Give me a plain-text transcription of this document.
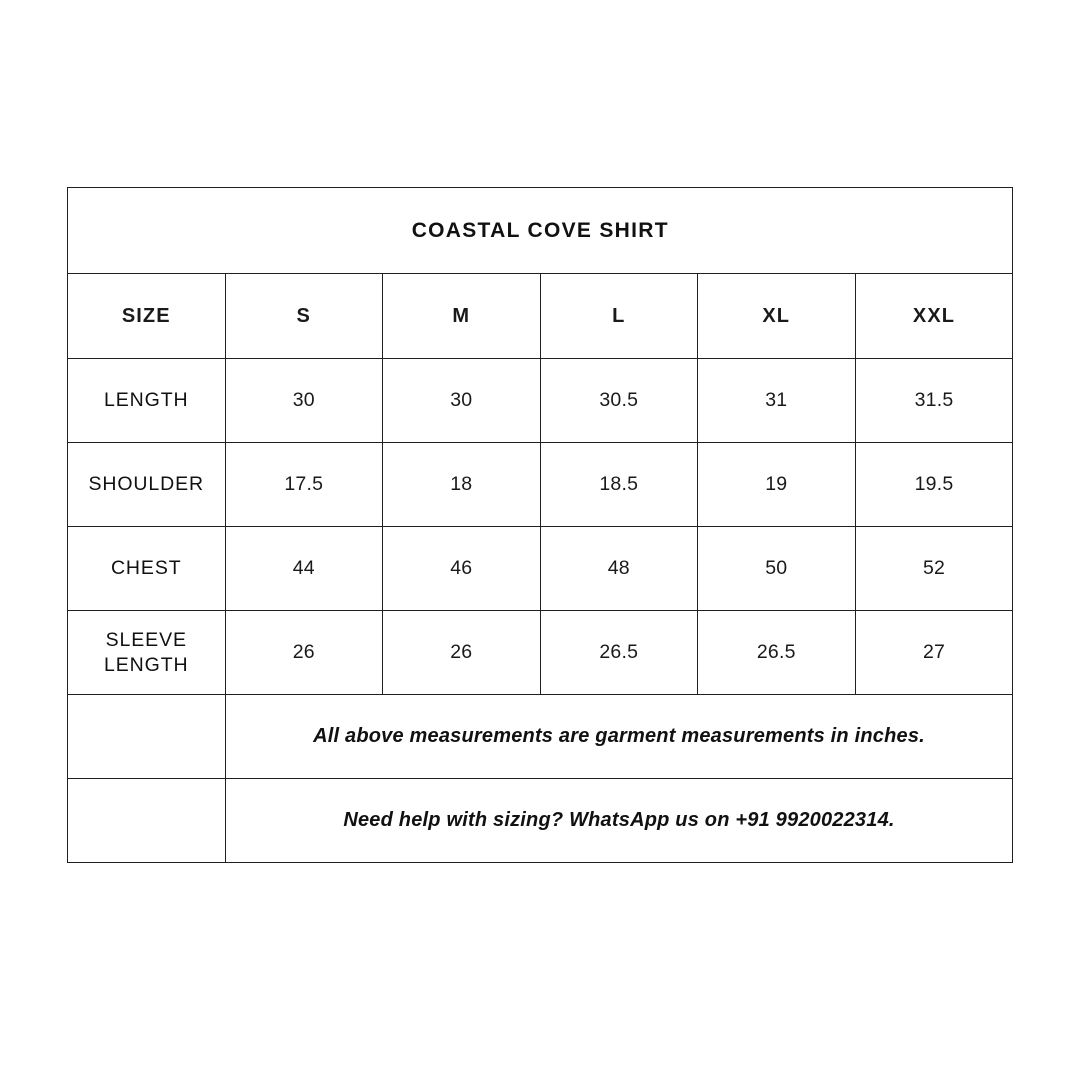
COASTAL COVE SHIRT					
SIZE	S	M	L	XL	XXL
LENGTH	30	30	30.5	31	31.5
SHOULDER	17.5	18	18.5	19	19.5
CHEST	44	46	48	50	52
SLEEVE LENGTH	26	26	26.5	26.5	27
	All above measurements are garment measurements in inches.				
	Need help with sizing? WhatsApp us on +91 9920022314.				
